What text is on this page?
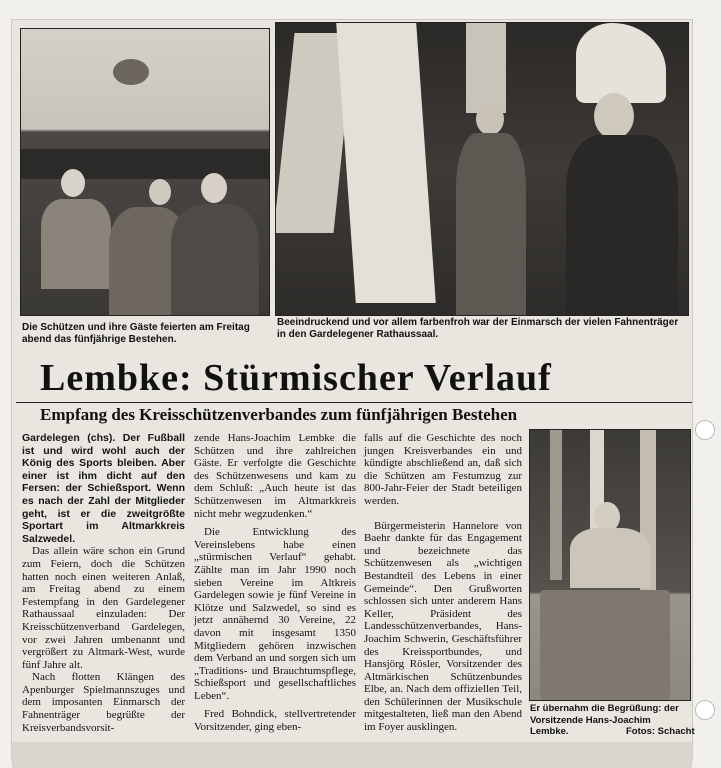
Die Schützen und ihre Gäste feierten am Freitag abend das fünfjährige Bestehen.
Beeindruckend und vor allem farbenfroh war der Einmarsch der vielen Fahnenträger in den Gardelegener Rathaussaal.
Lembke: Stürmischer Verlauf
Empfang des Kreisschützenverbandes zum fünfjährigen Bestehen

Gardelegen (chs). Der Fußball ist und wird wohl auch der König des Sports bleiben. Aber einer ist ihm dicht auf den Fersen: der Schießsport. Wenn es nach der Zahl der Mitglieder geht, ist er die zweitgrößte Sportart im Altmarkkreis Salzwedel.

Das allein wäre schon ein Grund zum Feiern, doch die Schützen hatten noch einen weiteren Anlaß, am Freitag abend zu einem Festempfang in den Gardelegener Rathaussaal einzuladen: Der Kreisschützenverband Gardelegen, vor zwei Jahren umbenannt und vergrößert zu Altmark-West, wurde fünf Jahre alt.

Nach flotten Klängen des Apenburger Spielmannszuges und dem imposanten Einmarsch der Fahnenträger begrüßte der Kreisverbandsvorsit-

zende Hans-Joachim Lembke die Schützen und ihre zahlreichen Gäste. Er verfolgte die Geschichte des Schützenwesens und kam zu dem Schluß: „Auch heute ist das Schützenwesen im Altmarkkreis nicht mehr wegzudenken.“

Die Entwicklung des Vereinslebens habe einen „stürmischen Verlauf“ gehabt. Zählte man im Jahr 1990 noch sieben Vereine im Altkreis Gardelegen sowie je fünf Vereine in Klötze und Salzwedel, so sind es jetzt annähernd 30 Vereine, 22 davon mit insgesamt 1350 Mitgliedern gehören inzwischen dem Verband an und sorgen sich um „Traditions- und Brauchtumspflege, Schießsport und gesellschaftliches Leben“.

Fred Bohndick, stellvertretender Vorsitzender, ging eben-

falls auf die Geschichte des noch jungen Kreisverbandes ein und kündigte abschließend an, daß sich die Schützen am Festumzug zur 800-Jahr-Feier der Stadt beteiligen werden.

Bürgermeisterin Hannelore von Baehr dankte für das Engagement und bezeichnete das Schützenwesen als „wichtigen Bestandteil des Lebens in einer Gemeinde“. Den Grußworten schlossen sich unter anderem Hans Keller, Präsident des Landesschützenverbandes, Hans-Joachim Schwerin, Geschäftsführer des Kreissportbundes, und Hansjörg Rösler, Vorsitzender des Altmärkischen Schützenbundes Elbe, an. Nach dem offiziellen Teil, den Schülerinnen der Musikschule mitgestalteten, ließ man den Abend im Foyer ausklingen.

Er übernahm die Begrüßung: der Vorsitzende Hans-Joachim Lembke.	Fotos: Schacht
